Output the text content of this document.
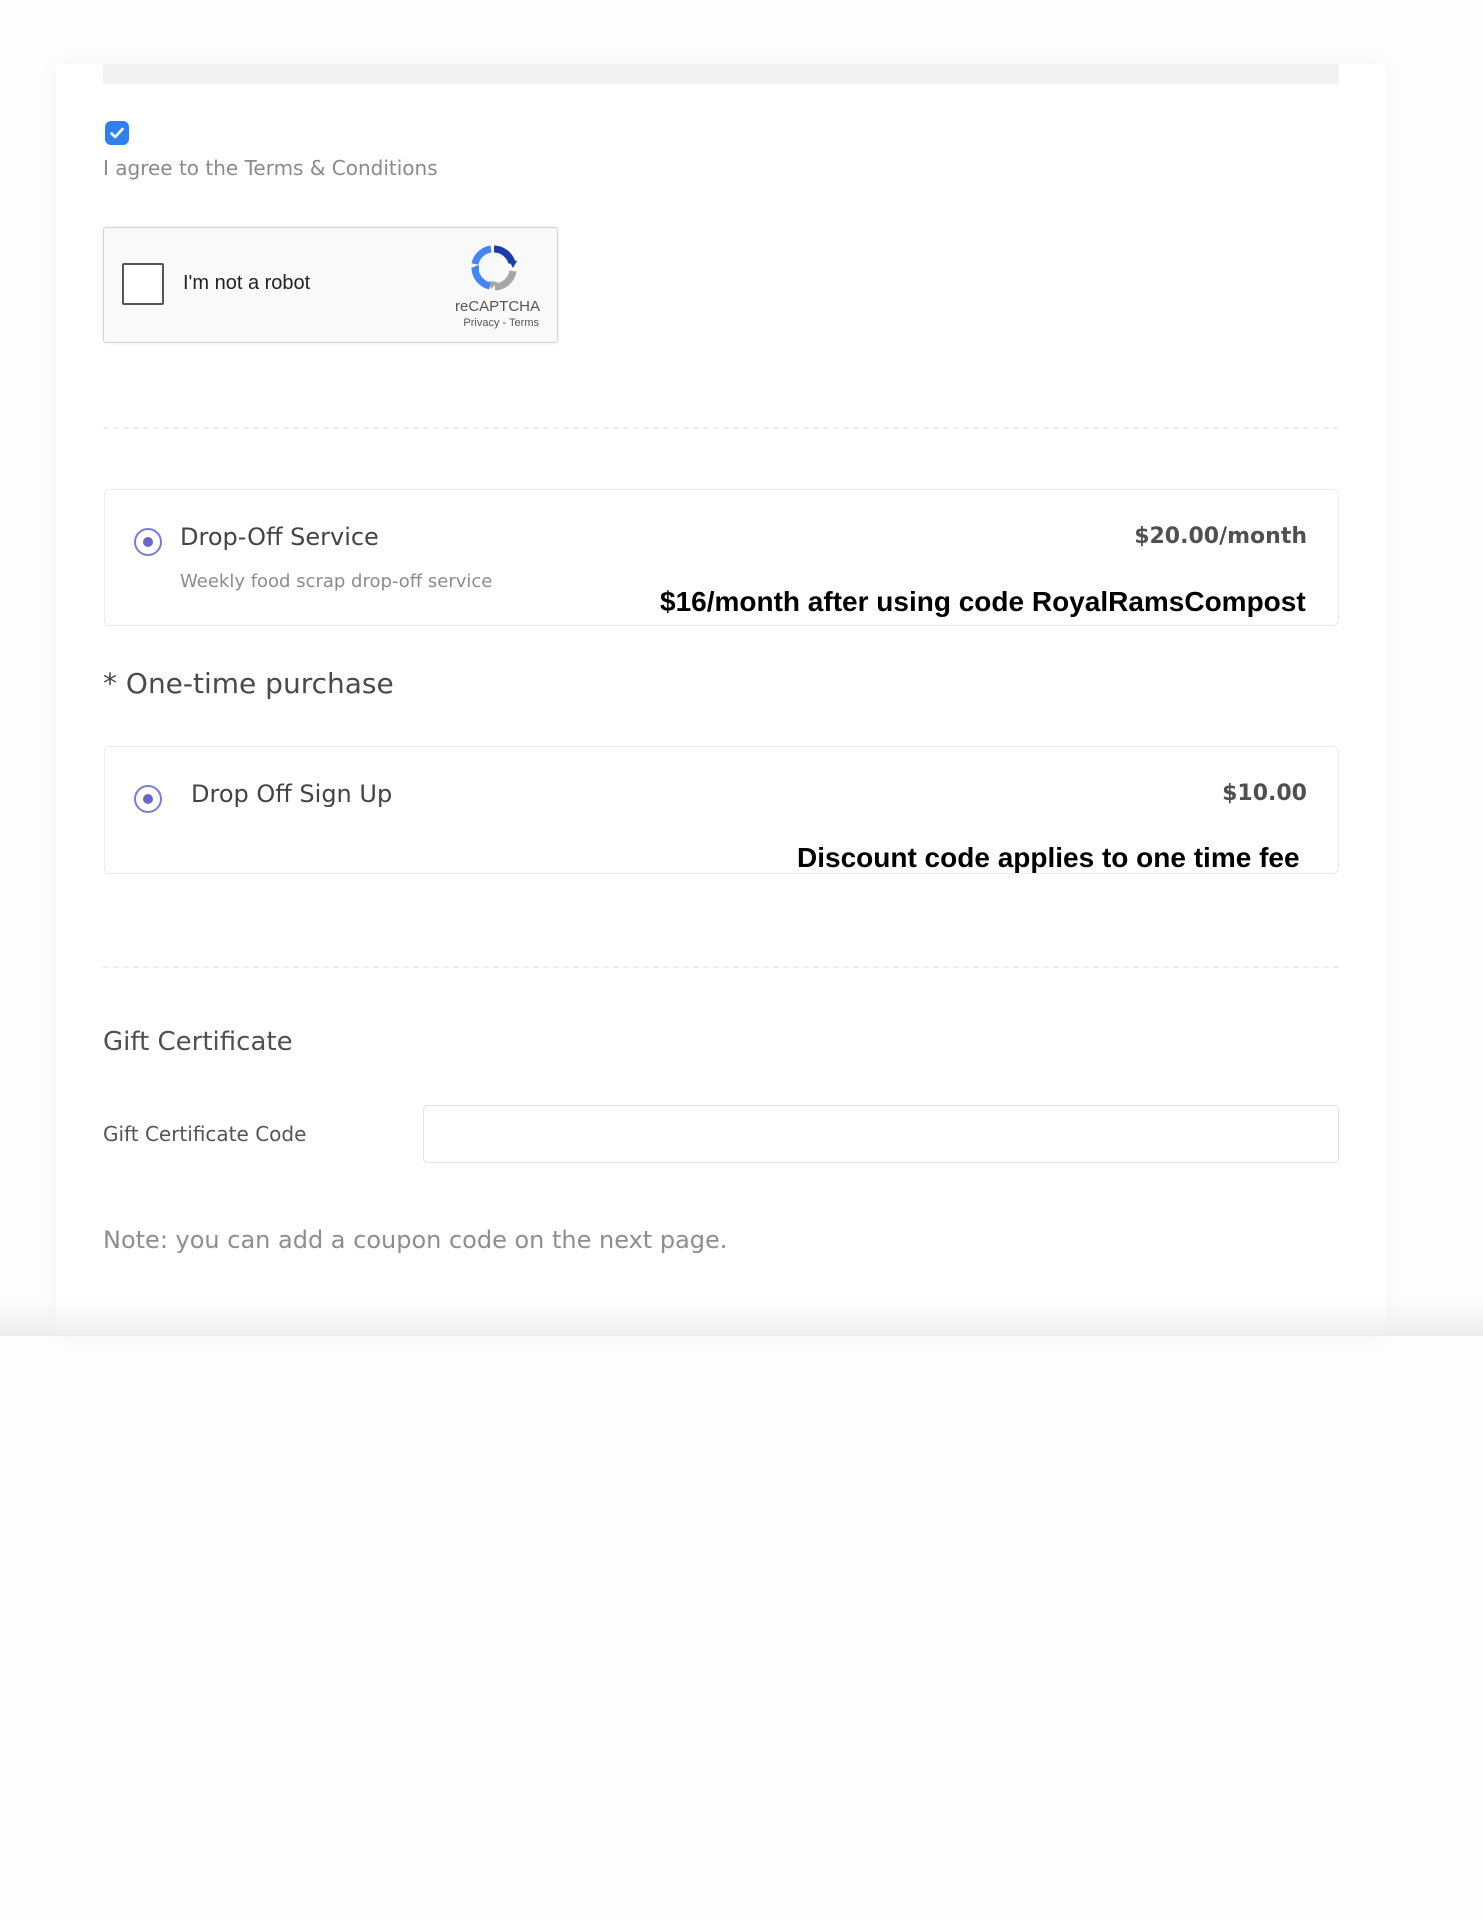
I agree to the Terms & Conditions
I'm not a robot
reCAPTCHA
Privacy - Terms
Drop-Off Service
Weekly food scrap drop-off service
$20.00/month
$16/month after using code RoyalRamsCompost
* One-time purchase
Drop Off Sign Up	$10.00
Discount code applies to one time fee
Gift Certificate
Gift Certificate Code
Note: you can add a coupon code on the next page.
